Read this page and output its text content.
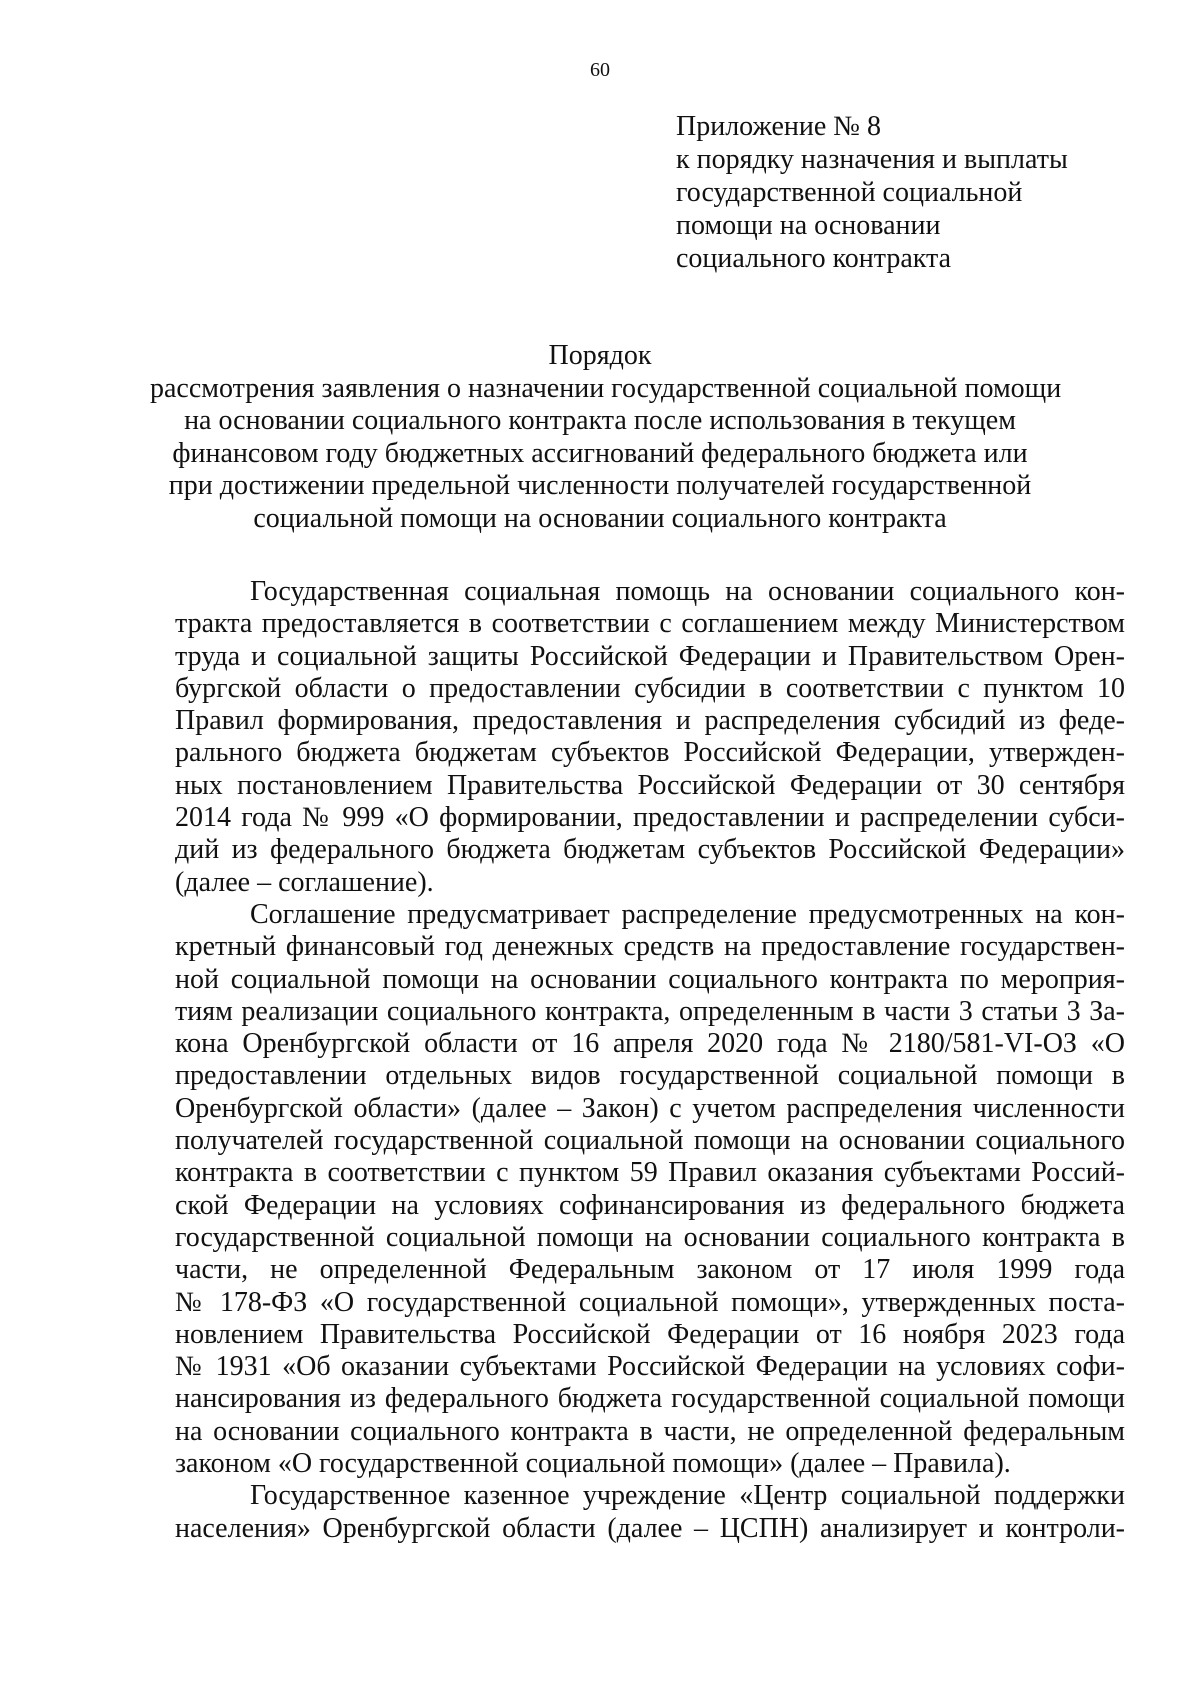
60
Приложение № 8
к порядку назначения и выплаты
государственной социальной
помощи на основании
социального контракта
Порядок
рассмотрения заявления о назначении государственной социальной помощи
на основании социального контракта после использования в текущем
финансовом году бюджетных ассигнований федерального бюджета или
при достижении предельной численности получателей государственной
социальной помощи на основании социального контракта
Государственная социальная помощь на основании социального кон-
тракта предоставляется в соответствии с соглашением между Министерством
труда и социальной защиты Российской Федерации и Правительством Орен-
бургской области о предоставлении субсидии в соответствии с пунктом 10
Правил формирования, предоставления и распределения субсидий из феде-
рального бюджета бюджетам субъектов Российской Федерации, утвержден-
ных постановлением Правительства Российской Федерации от 30 сентября
2014 года № 999 «О формировании, предоставлении и распределении субси-
дий из федерального бюджета бюджетам субъектов Российской Федерации»
(далее – соглашение).
Соглашение предусматривает распределение предусмотренных на кон-
кретный финансовый год денежных средств на предоставление государствен-
ной социальной помощи на основании социального контракта по мероприя-
тиям реализации социального контракта, определенным в части 3 статьи 3 За-
кона Оренбургской области от 16 апреля 2020 года № 2180/581-VI-ОЗ «О
предоставлении отдельных видов государственной социальной помощи в
Оренбургской области» (далее – Закон) с учетом распределения численности
получателей государственной социальной помощи на основании социального
контракта в соответствии с пунктом 59 Правил оказания субъектами Россий-
ской Федерации на условиях софинансирования из федерального бюджета
государственной социальной помощи на основании социального контракта в
части, не определенной Федеральным законом от 17 июля 1999 года
№ 178-ФЗ «О государственной социальной помощи», утвержденных поста-
новлением Правительства Российской Федерации от 16 ноября 2023 года
№ 1931 «Об оказании субъектами Российской Федерации на условиях софи-
нансирования из федерального бюджета государственной социальной помощи
на основании социального контракта в части, не определенной федеральным
законом «О государственной социальной помощи» (далее – Правила).
Государственное казенное учреждение «Центр социальной поддержки
населения» Оренбургской области (далее – ЦСПН) анализирует и контроли-
